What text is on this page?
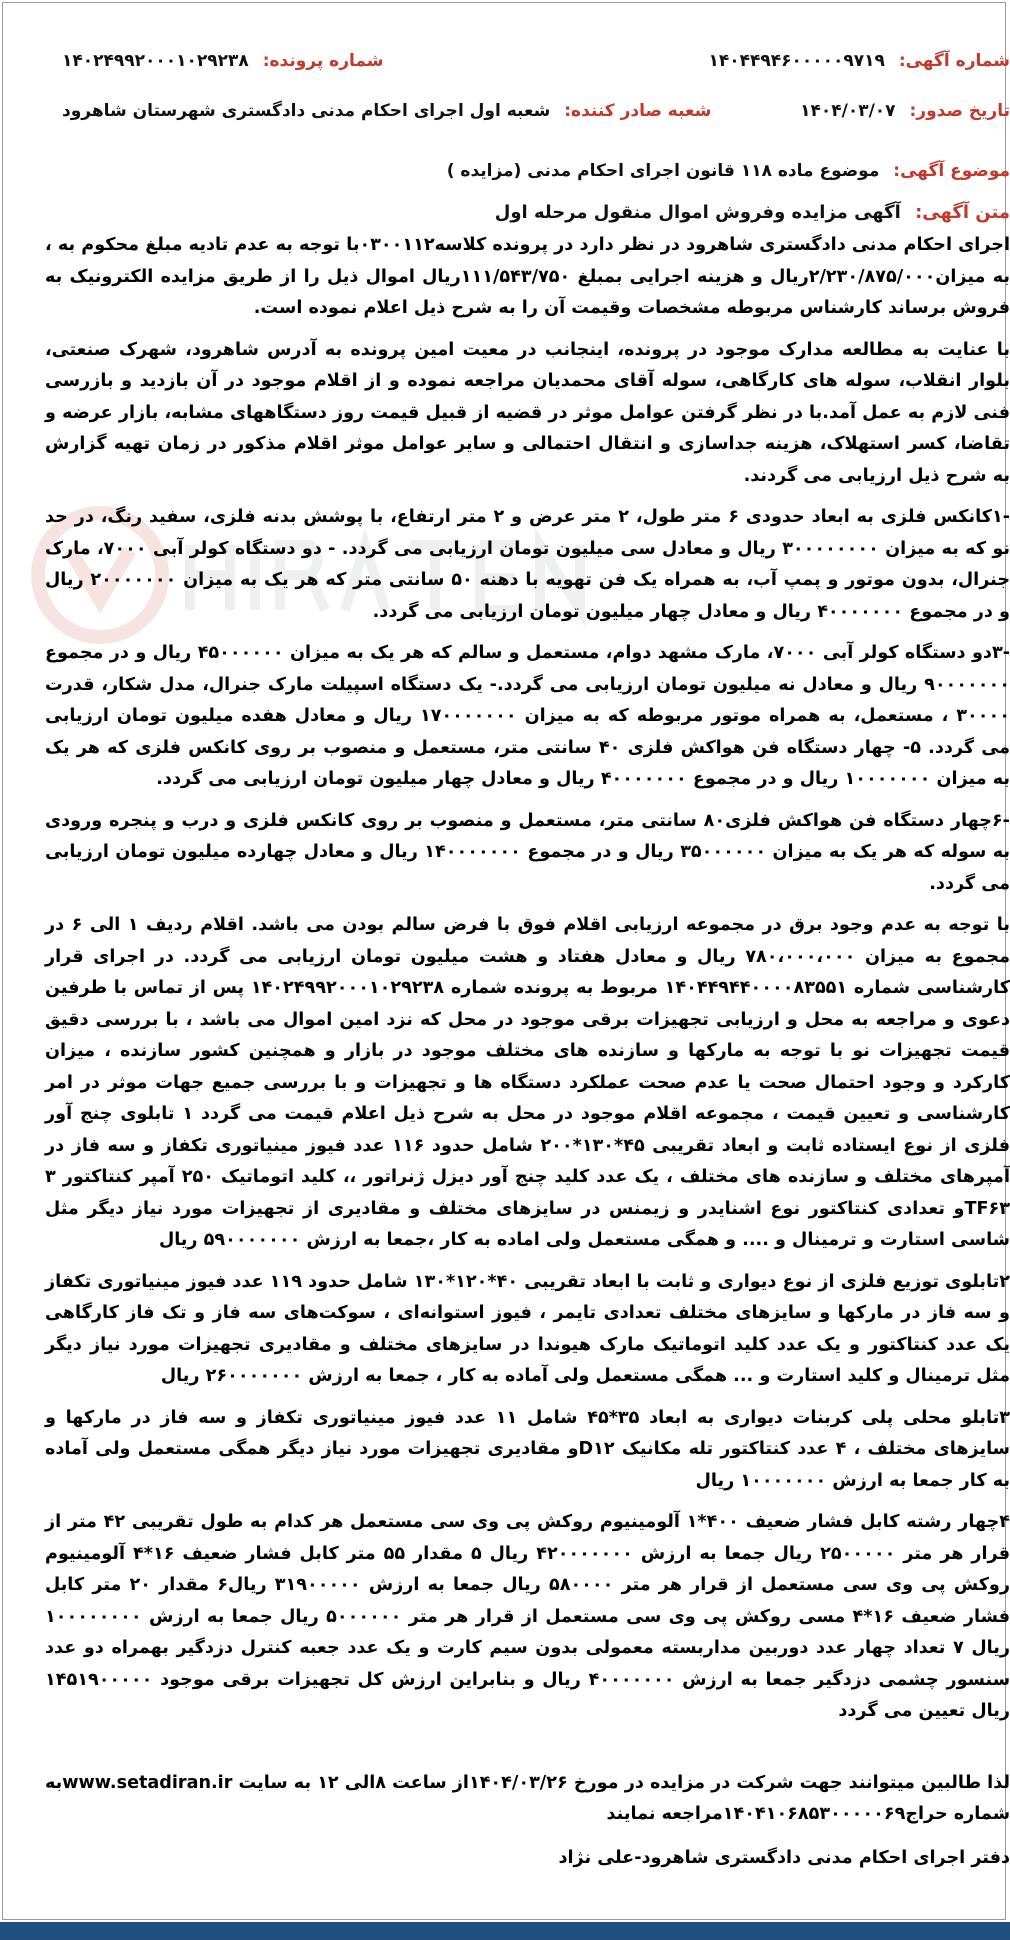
شماره آگهی: ۱۴۰۴۴۹۴۶۰۰۰۰۰۹۷۱۹
شماره پرونده: ۱۴۰۲۴۹۹۲۰۰۰۱۰۲۹۲۳۸
تاریخ صدور: ۱۴۰۴/۰۳/۰۷
شعبه صادر کننده: شعبه اول اجرای احکام مدنی دادگستری شهرستان شاهرود
موضوع آگهی: موضوع ماده ۱۱۸ قانون اجرای احکام مدنی (مزایده )
متن آگهی: آگهی مزایده وفروش اموال منقول مرحله اول

اجرای احکام مدنی دادگستری شاهرود در نظر دارد در پرونده کلاسه۰۳۰۰۱۱۲با توجه به عدم تادیه مبلغ محکوم به ، به میزان۲/۲۳۰/۸۷۵/۰۰۰ریال و هزینه اجرایی بمبلغ ۱۱۱/۵۴۳/۷۵۰ریال اموال ذیل را از طریق مزایده الکترونیک به فروش برساند کارشناس مربوطه مشخصات وقیمت آن را به شرح ذیل اعلام نموده است.

با عنایت به مطالعه مدارک موجود در پرونده، اینجانب در معیت امین پرونده به آدرس شاهرود، شهرک صنعتی، بلوار انقلاب، سوله های کارگاهی، سوله آقای محمدیان مراجعه نموده و از اقلام موجود در آن بازدید و بازرسی فنی لازم به عمل آمد.با در نظر گرفتن عوامل موثر در قضیه از قبیل قیمت روز دستگاههای مشابه، بازار عرضه و تقاضا، کسر استهلاک، هزینه جداسازی و انتقال احتمالی و سایر عوامل موثر اقلام مذکور در زمان تهیه گزارش به شرح ذیل ارزیابی می گردند.

-۱کانکس فلزی به ابعاد حدودی ۶ متر طول، ۲ متر عرض و ۲ متر ارتفاع، با پوشش بدنه فلزی، سفید رنگ، در حد نو که به میزان ۳۰۰۰۰۰۰۰۰ ریال و معادل سی میلیون تومان ارزیابی می گردد. - دو دستگاه کولر آبی ۷۰۰۰، مارک جنرال، بدون موتور و پمپ آب، به همراه یک فن تهویه با دهنه ۵۰ سانتی متر که هر یک به میزان ۲۰۰۰۰۰۰۰ ریال و در مجموع ۴۰۰۰۰۰۰۰ ریال و معادل چهار میلیون تومان ارزیابی می گردد.

-۳دو دستگاه کولر آبی ۷۰۰۰، مارک مشهد دوام، مستعمل و سالم که هر یک به میزان ۴۵۰۰۰۰۰۰ ریال و در مجموع ۹۰۰۰۰۰۰۰ ریال و معادل نه میلیون تومان ارزیابی می گردد.- یک دستگاه اسپیلت مارک جنرال، مدل شکار، قدرت ۳۰۰۰۰ ، مستعمل، به همراه موتور مربوطه که به میزان ۱۷۰۰۰۰۰۰۰ ریال و معادل هفده میلیون تومان ارزیابی می گردد. ۵- چهار دستگاه فن هواکش فلزی ۴۰ سانتی متر، مستعمل و منصوب بر روی کانکس فلزی که هر یک به میزان ۱۰۰۰۰۰۰۰ ریال و در مجموع ۴۰۰۰۰۰۰۰ ریال و معادل چهار میلیون تومان ارزیابی می گردد.

-۶چهار دستگاه فن هواکش فلزی۸۰ سانتی متر، مستعمل و منصوب بر روی کانکس فلزی و درب و پنجره ورودی به سوله که هر یک به میزان ۳۵۰۰۰۰۰۰ ریال و در مجموع ۱۴۰۰۰۰۰۰۰ ریال و معادل چهارده میلیون تومان ارزیابی می گردد.

با توجه به عدم وجود برق در مجموعه ارزیابی اقلام فوق با فرض سالم بودن می باشد. اقلام ردیف ۱ الی ۶ در مجموع به میزان ۷۸۰،۰۰۰،۰۰۰ ریال و معادل هفتاد و هشت میلیون تومان ارزیابی می گردد. در اجرای قرار کارشناسی شماره ۱۴۰۴۴۹۴۴۰۰۰۰۸۳۵۵۱ مربوط به پرونده شماره ۱۴۰۲۴۹۹۲۰۰۰۱۰۲۹۲۳۸ پس از تماس با طرفین دعوی و مراجعه به محل و ارزیابی تجهیزات برقی موجود در محل که نزد امین اموال می باشد ، با بررسی دقیق قیمت تجهیزات نو با توجه به مارکها و سازنده های مختلف موجود در بازار و همچنین کشور سازنده ، میزان کارکرد و وجود احتمال صحت یا عدم صحت عملکرد دستگاه ها و تجهیزات و با بررسی جمیع جهات موثر در امر کارشناسی و تعیین قیمت ، مجموعه اقلام موجود در محل به شرح ذیل اعلام قیمت می گردد ۱ تابلوی چنج آور فلزی از نوع ایستاده ثابت و ابعاد تقریبی ۴۵*۱۳۰*۲۰۰ شامل حدود ۱۱۶ عدد فیوز مینیاتوری تکفاز و سه فاز در آمپرهای مختلف و سازنده های مختلف ، یک عدد کلید چنج آور دیزل ژنراتور ،، کلید اتوماتیک ۲۵۰ آمپر کنتاکتور ۳ TF۶۳و تعدادی کنتاکتور نوع اشنایدر و زیمنس در سایزهای مختلف و مقادیری از تجهیزات مورد نیاز دیگر مثل شاسی استارت و ترمینال و .... و همگی مستعمل ولی اماده به کار ،جمعا به ارزش ۵۹۰۰۰۰۰۰۰ ریال

۲تابلوی توزیع فلزی از نوع دیواری و ثابت با ابعاد تقریبی ۴۰*۱۲۰*۱۳۰ شامل حدود ۱۱۹ عدد فیوز مینیاتوری تکفاز و سه فاز در مارکها و سایزهای مختلف تعدادی تایمر ، فیوز استوانه‌ای ، سوکت‌های سه فاز و تک فاز کارگاهی یک عدد کنتاکتور و یک عدد کلید اتوماتیک مارک هیوندا در سایزهای مختلف و مقادیری تجهیزات مورد نیاز دیگر مثل ترمینال و کلید استارت و ... همگی مستعمل ولی آماده به کار ، جمعا به ارزش ۲۶۰۰۰۰۰۰۰ ریال

۳تابلو محلی پلی کربنات دیواری به ابعاد ۳۵*۴۵ شامل ۱۱ عدد فیوز مینیاتوری تکفاز و سه فاز در مارکها و سایزهای مختلف ، ۴ عدد کنتاکتور تله مکانیک D۱۲و مقادیری تجهیزات مورد نیاز دیگر همگی مستعمل ولی آماده به کار جمعا به ارزش ۱۰۰۰۰۰۰۰ ریال

۴چهار رشته کابل فشار ضعیف ۴۰۰*۱ آلومینیوم روکش پی وی سی مستعمل هر کدام به طول تقریبی ۴۲ متر از قرار هر متر ۲۵۰۰۰۰۰ ریال جمعا به ارزش ۴۲۰۰۰۰۰۰۰ ریال ۵ مقدار ۵۵ متر کابل فشار ضعیف ۱۶*۴ آلومینیوم روکش پی وی سی مستعمل از قرار هر متر ۵۸۰۰۰۰ ریال جمعا به ارزش ۳۱۹۰۰۰۰۰ ریال۶ مقدار ۲۰ متر کابل فشار ضعیف ۱۶*۴ مسی روکش پی وی سی مستعمل از قرار هر متر ۵۰۰۰۰۰۰ ریال جمعا به ارزش ۱۰۰۰۰۰۰۰۰ ریال ۷ تعداد چهار عدد دوربین مداربسته معمولی بدون سیم کارت و یک عدد جعبه کنترل دزدگیر بهمراه دو عدد سنسور چشمی دزدگیر جمعا به ارزش ۴۰۰۰۰۰۰۰ ریال و بنابراین ارزش کل تجهیزات برقی موجود ۱۴۵۱۹۰۰۰۰۰ ریال تعیین می گردد

لذا طالبین میتوانند جهت شرکت در مزایده در مورخ ۱۴۰۴/۰۳/۲۶از ساعت ۸الی ۱۲ به سایت www.setadiran.irبه شماره حراج۱۴۰۴۱۰۶۸۵۳۰۰۰۰۰۶۹مراجعه نمایند
دفتر اجرای احکام مدنی دادگستری شاهرود-علی نژاد
